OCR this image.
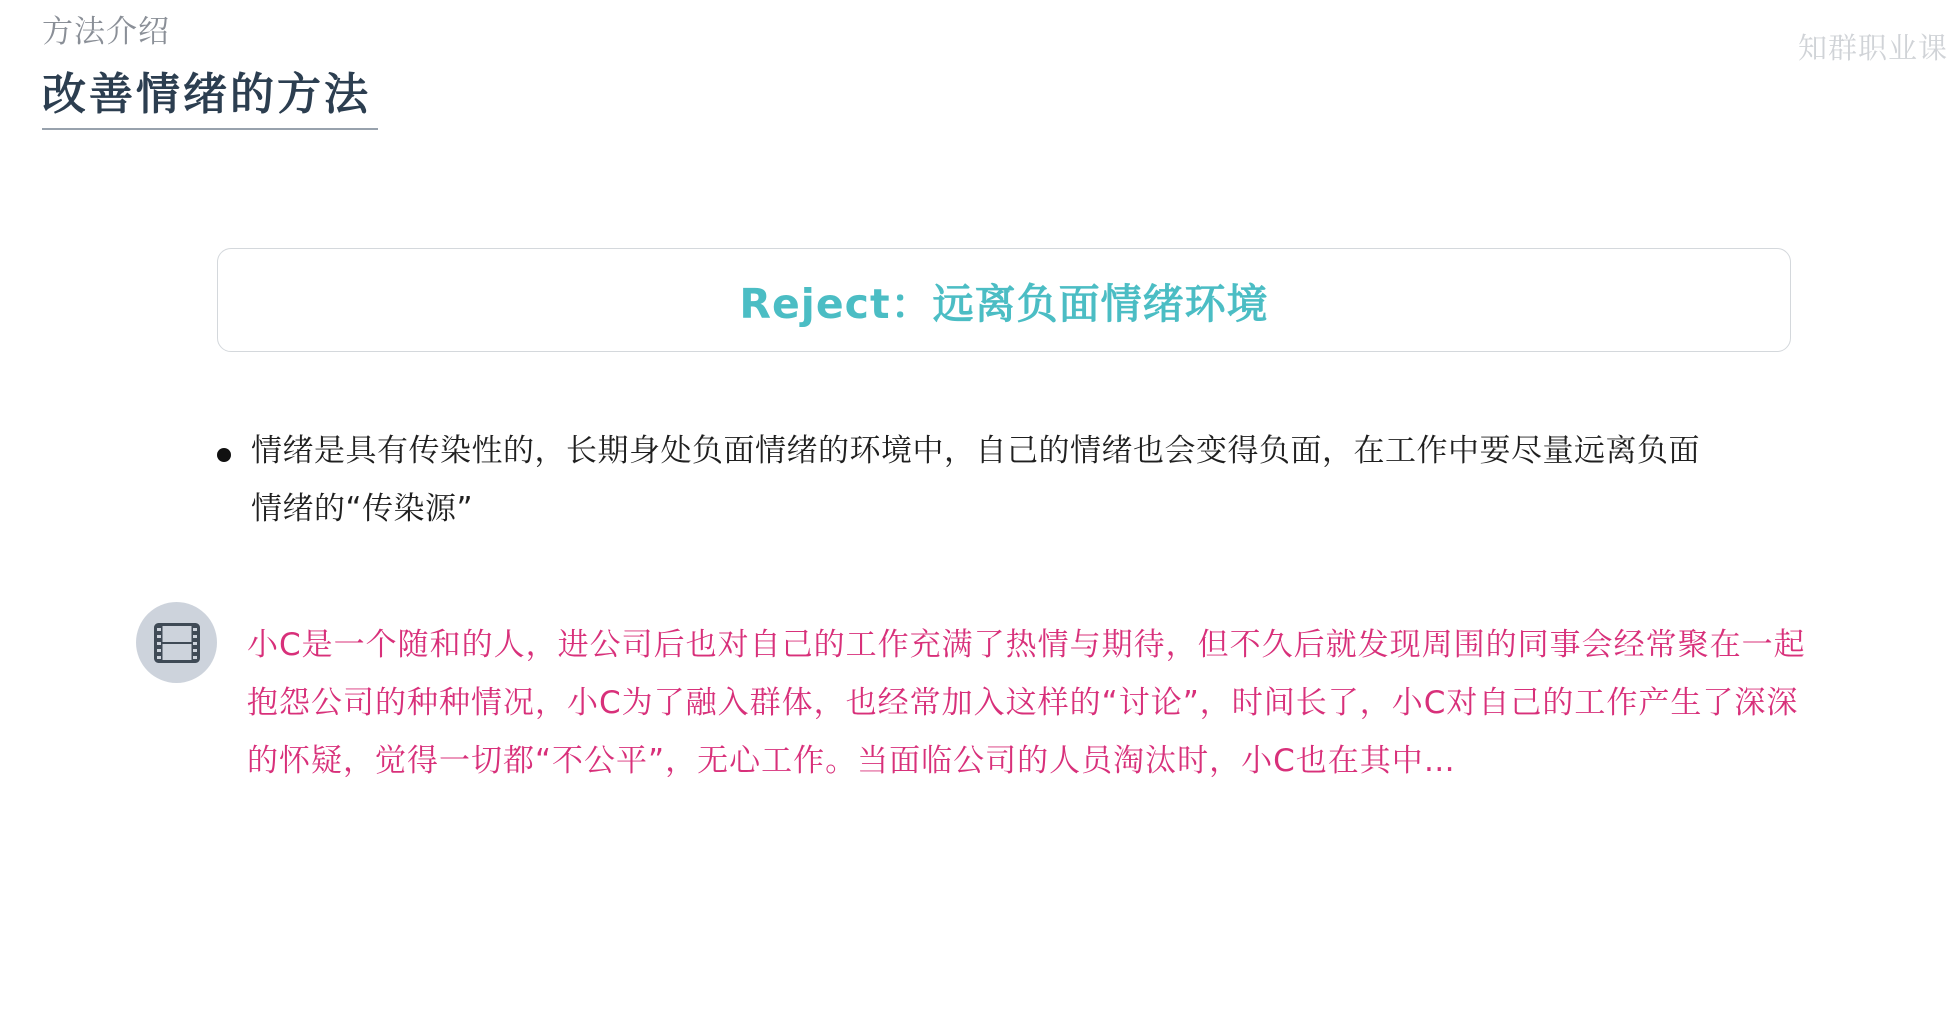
方法介绍
改善情绪的方法
知群职业课
Reject：远离负面情绪环境
情绪是具有传染性的，长期身处负面情绪的环境中，自己的情绪也会变得负面，在工作中要尽量远离负面情绪的“传染源”
小C是一个随和的人，进公司后也对自己的工作充满了热情与期待，但不久后就发现周围的同事会经常聚在一起抱怨公司的种种情况，小C为了融入群体，也经常加入这样的“讨论”，时间长了，小C对自己的工作产生了深深的怀疑，觉得一切都“不公平”，无心工作。当面临公司的人员淘汰时，小C也在其中…
